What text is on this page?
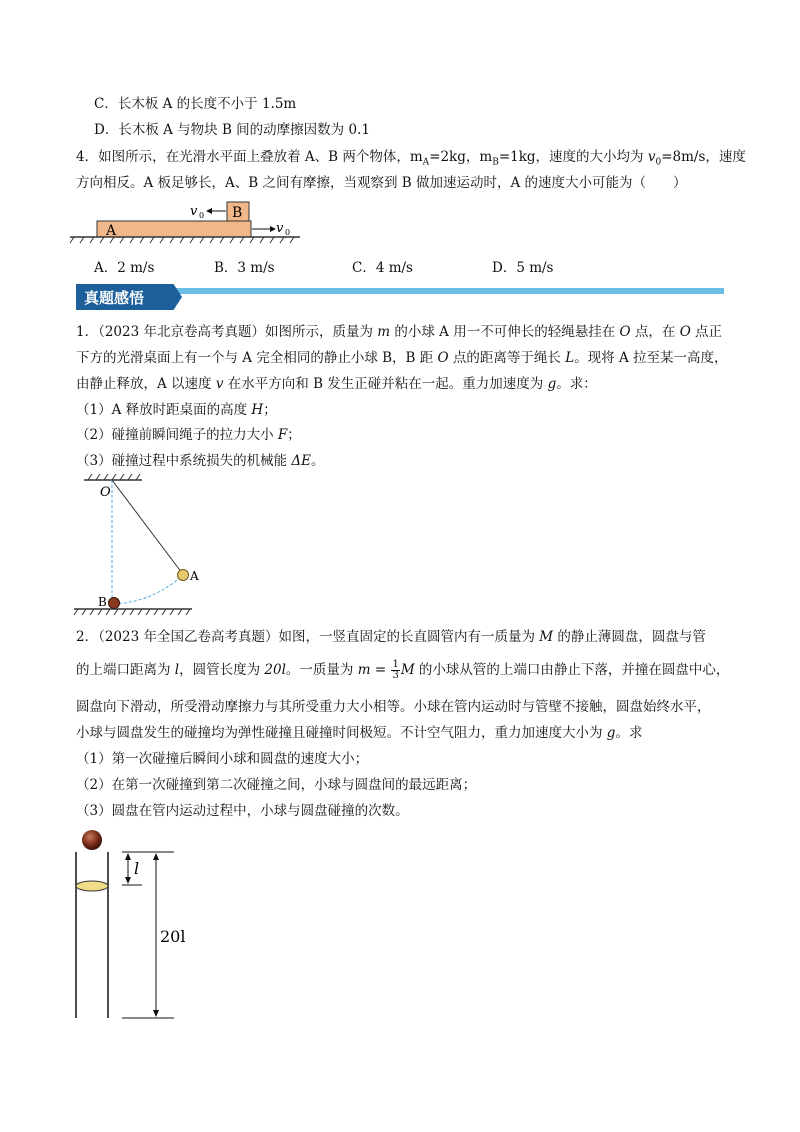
C．长木板 A 的长度不小于 1.5m
D．长木板 A 与物块 B 间的动摩擦因数为 0.1
4．如图所示，在光滑水平面上叠放着 A、B 两个物体，$m_A=2kg$，$m_B=1kg$，速度的大小均为 $v_0=8m/s$，速度
方向相反。A 板足够长，A、B 之间有摩擦，当观察到 B 做加速运动时，A 的速度大小可能为（　　）
A
B
v 0
v 0
A．2 m/s	B．3 m/s	C．4 m/s	D．5 m/s
真题感悟
1．（2023 年北京卷高考真题）如图所示，质量为 m 的小球 A 用一不可伸长的轻绳悬挂在 O 点，在 O 点正
下方的光滑桌面上有一个与 A 完全相同的静止小球 B，B 距 O 点的距离等于绳长 L。现将 A 拉至某一高度，
由静止释放，A 以速度 v 在水平方向和 B 发生正碰并粘在一起。重力加速度为 g。求：
（1）A 释放时距桌面的高度 H；
（2）碰撞前瞬间绳子的拉力大小 F；
（3）碰撞过程中系统损失的机械能 ΔE。
O
A
B
2．（2023 年全国乙卷高考真题）如图，一竖直固定的长直圆管内有一质量为 M 的静止薄圆盘，圆盘与管
的上端口距离为 l，圆管长度为 20l。一质量为 $m = \frac{1}{3}$ M 的小球从管的上端口由静止下落，并撞在圆盘中心，
圆盘向下滑动，所受滑动摩擦力与其所受重力大小相等。小球在管内运动时与管壁不接触，圆盘始终水平，
小球与圆盘发生的碰撞均为弹性碰撞且碰撞时间极短。不计空气阻力，重力加速度大小为 g。求
（1）第一次碰撞后瞬间小球和圆盘的速度大小；
（2）在第一次碰撞到第二次碰撞之间，小球与圆盘间的最远距离；
（3）圆盘在管内运动过程中，小球与圆盘碰撞的次数。
l
20l
